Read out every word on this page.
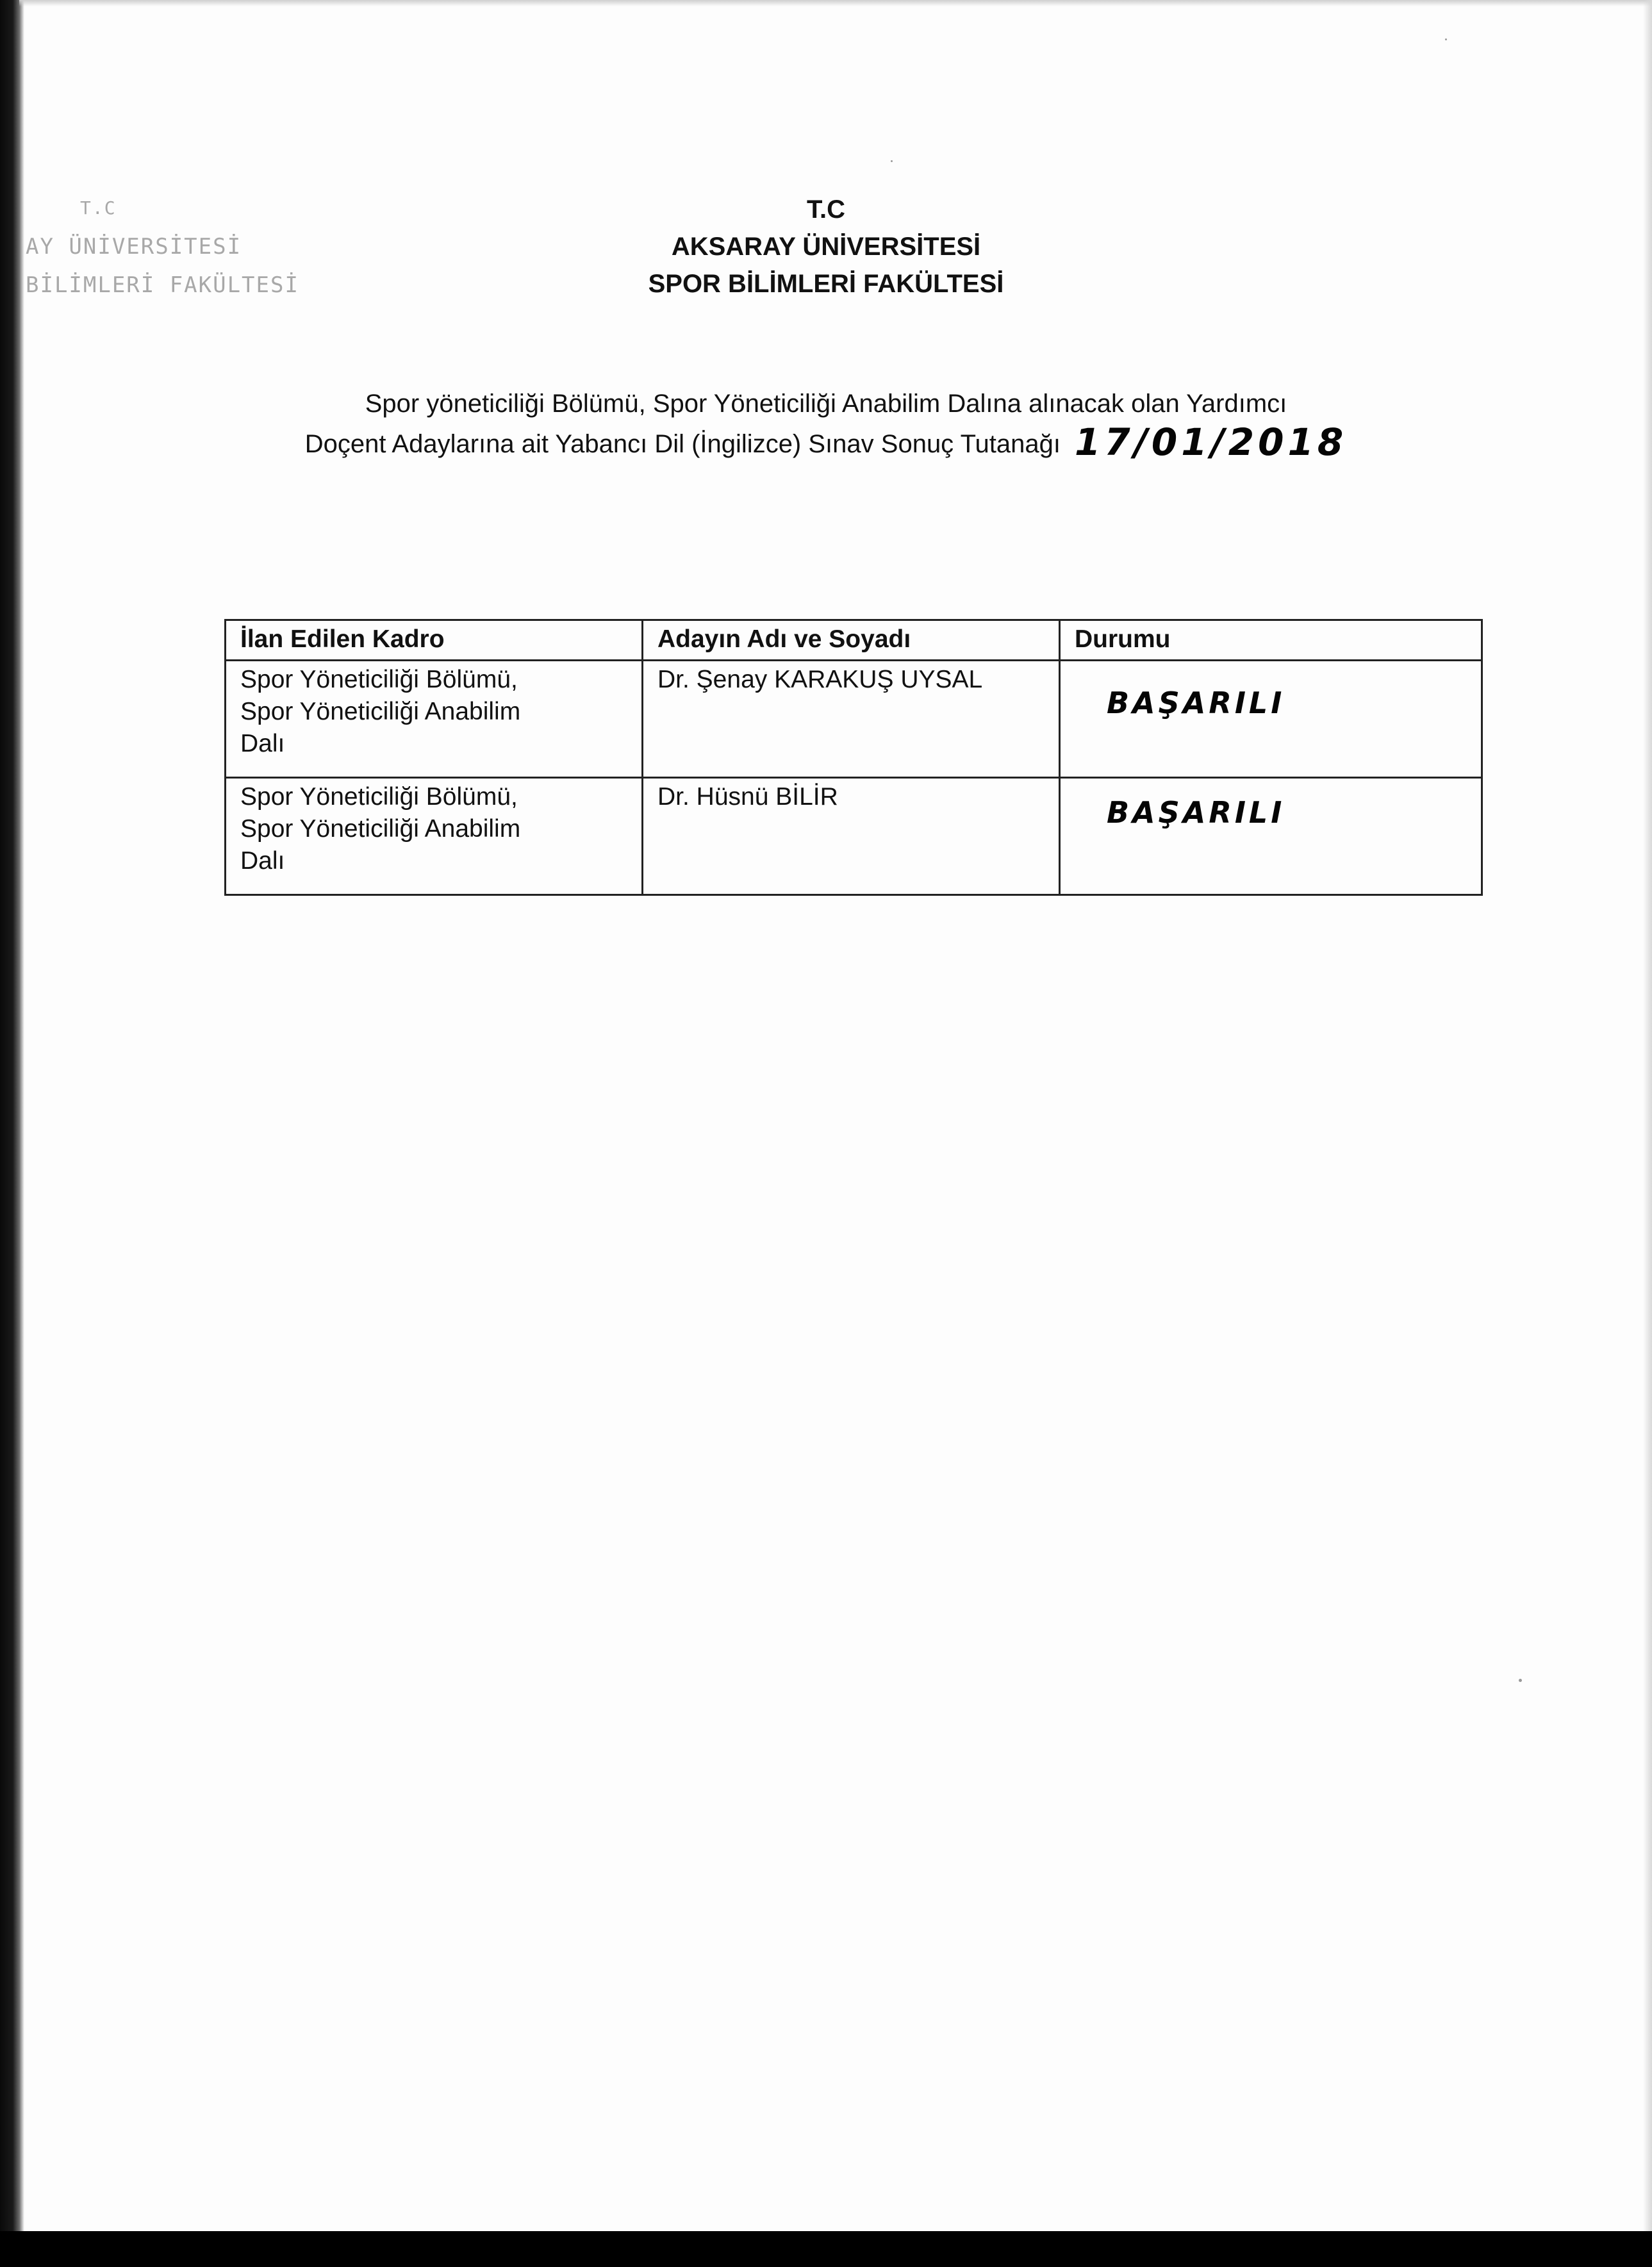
T.C
AY ÜNİVERSİTESİ
BİLİMLERİ FAKÜLTESİ
T.C
AKSARAY ÜNİVERSİTESİ
SPOR BİLİMLERİ FAKÜLTESİ
Spor yöneticiliği Bölümü, Spor Yöneticiliği Anabilim Dalına alınacak olan Yardımcı
Doçent Adaylarına ait Yabancı Dil (İngilizce) Sınav Sonuç Tutanağı 17/01/2018
İlan Edilen Kadro	Adayın Adı ve Soyadı	Durumu

Spor Yöneticiliği Bölümü,
Spor Yöneticiliği Anabilim
Dalı	Dr. Şenay KARAKUŞ UYSAL	BAŞARILI

Spor Yöneticiliği Bölümü,
Spor Yöneticiliği Anabilim
Dalı	Dr. Hüsnü BİLİR	BAŞARILI
